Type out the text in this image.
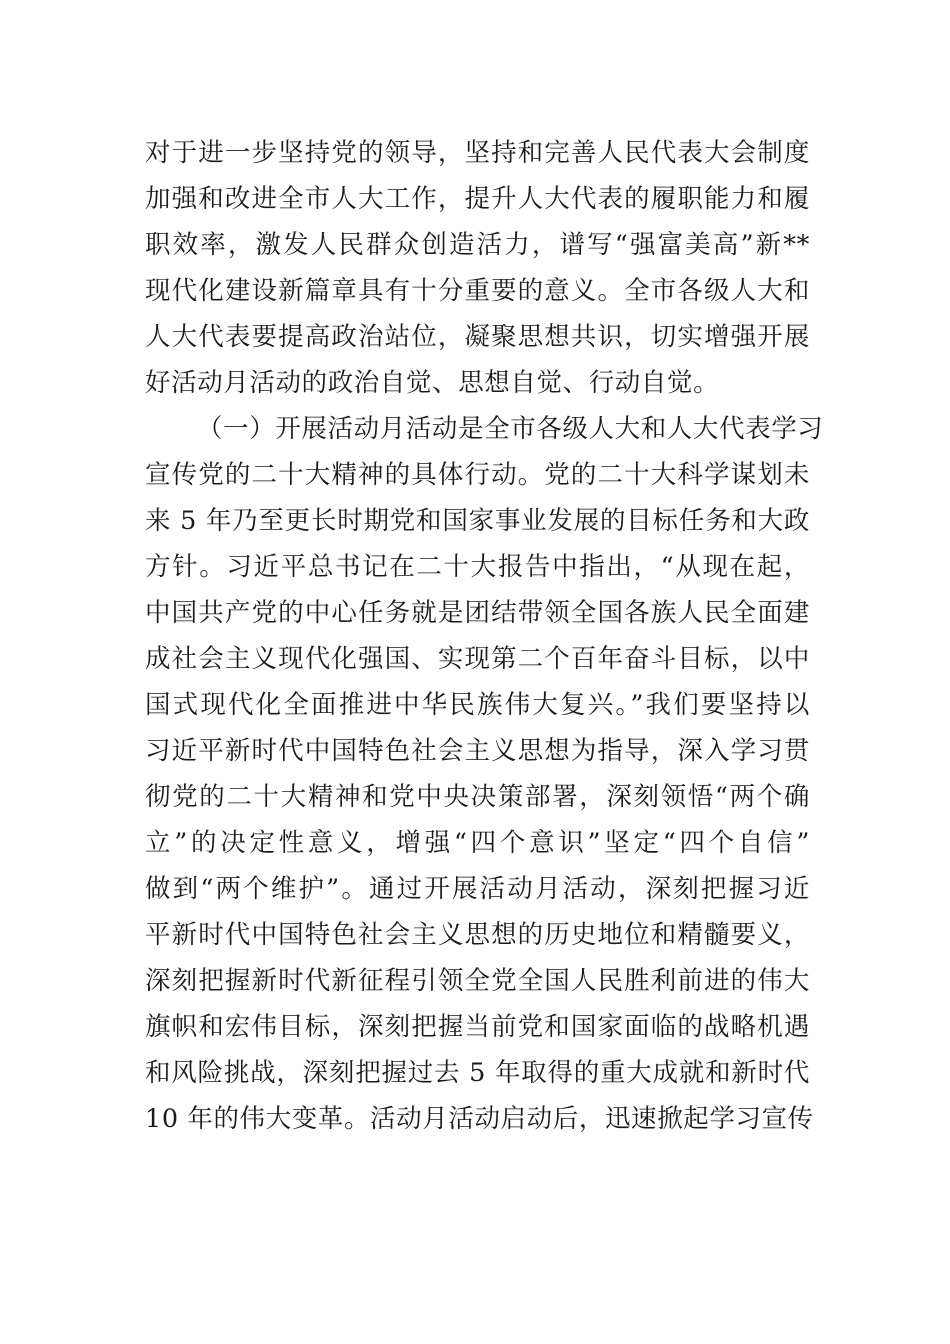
对于进一步坚持党的领导，坚持和完善人民代表大会制度
加强和改进全市人大工作，提升人大代表的履职能力和履
职效率，激发人民群众创造活力，谱写“强富美高”新**
现代化建设新篇章具有十分重要的意义。全市各级人大和
人大代表要提高政治站位，凝聚思想共识，切实增强开展
好活动月活动的政治自觉、思想自觉、行动自觉。
（一）开展活动月活动是全市各级人大和人大代表学习
宣传党的二十大精神的具体行动。党的二十大科学谋划未
来 5 年乃至更长时期党和国家事业发展的目标任务和大政
方针。习近平总书记在二十大报告中指出，“从现在起，
中国共产党的中心任务就是团结带领全国各族人民全面建
成社会主义现代化强国、实现第二个百年奋斗目标，以中
国式现代化全面推进中华民族伟大复兴。”我们要坚持以
习近平新时代中国特色社会主义思想为指导，深入学习贯
彻党的二十大精神和党中央决策部署，深刻领悟“两个确
立”的决定性意义，增强“四个意识”坚定“四个自信”
做到“两个维护”。通过开展活动月活动，深刻把握习近
平新时代中国特色社会主义思想的历史地位和精髓要义，
深刻把握新时代新征程引领全党全国人民胜利前进的伟大
旗帜和宏伟目标，深刻把握当前党和国家面临的战略机遇
和风险挑战，深刻把握过去 5 年取得的重大成就和新时代
10 年的伟大变革。活动月活动启动后，迅速掀起学习宣传
